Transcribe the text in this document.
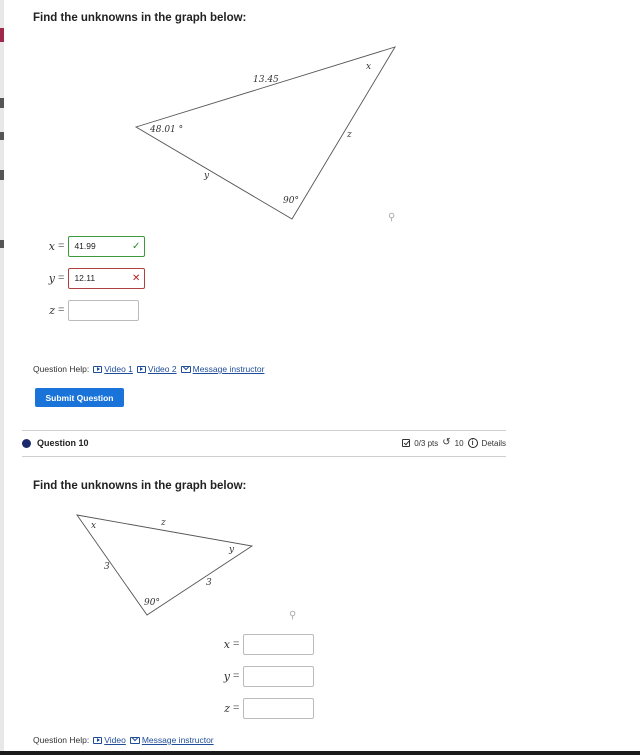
Find the unknowns in the graph below:
13.45
48.01 °
90°
x
z
y
⚲
x = 41.99	✓
y = 12.11	✕
z =
Question Help: Video 1 Video 2 Message instructor
Submit Question
Question 10	0/3 pts ↺ 10	i	Details
Find the unknowns in the graph below:
x	z
y
3
3
90°
⚲
x =
y =
z =
Question Help: Video Message instructor
